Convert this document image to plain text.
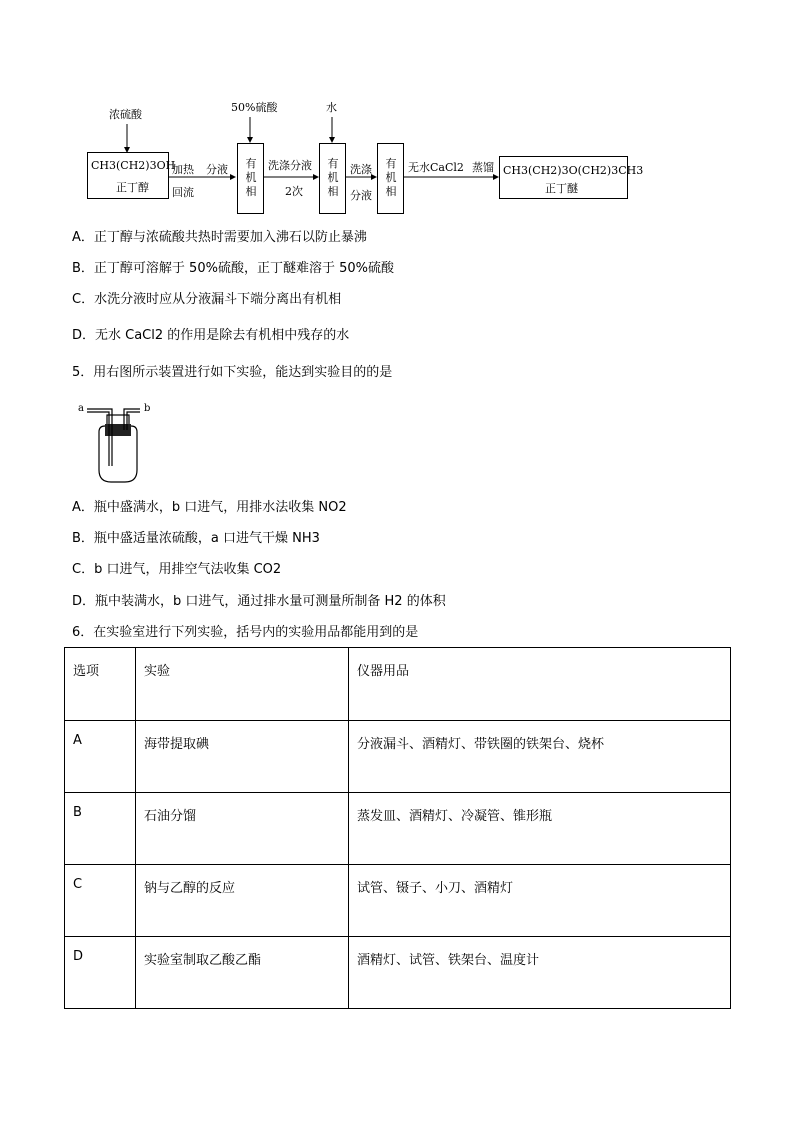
浓硫酸
50%硫酸	水
CH3(CH2)3OH
正丁醇
加热
回流
分液 有机相
洗涤分液
2次
有机相
洗涤
分液
有机相
无水CaCl2 蒸馏 CH3(CH2)3O(CH2)3CH3
正丁醚
A．正丁醇与浓硫酸共热时需要加入沸石以防止暴沸
B．正丁醇可溶解于 50%硫酸，正丁醚难溶于 50%硫酸
C．水洗分液时应从分液漏斗下端分离出有机相
D．无水 CaCl2 的作用是除去有机相中残存的水
5．用右图所示装置进行如下实验，能达到实验目的的是
a	b
A．瓶中盛满水，b 口进气，用排水法收集 NO2
B．瓶中盛适量浓硫酸，a 口进气干燥 NH3
C．b 口进气，用排空气法收集 CO2
D．瓶中装满水，b 口进气，通过排水量可测量所制备 H2 的体积
6．在实验室进行下列实验，括号内的实验用品都能用到的是
选项	实验	仪器用品
A	海带提取碘	分液漏斗、酒精灯、带铁圈的铁架台、烧杯
B	石油分馏	蒸发皿、酒精灯、冷凝管、锥形瓶
C	钠与乙醇的反应	试管、镊子、小刀、酒精灯
D	实验室制取乙酸乙酯	酒精灯、试管、铁架台、温度计
